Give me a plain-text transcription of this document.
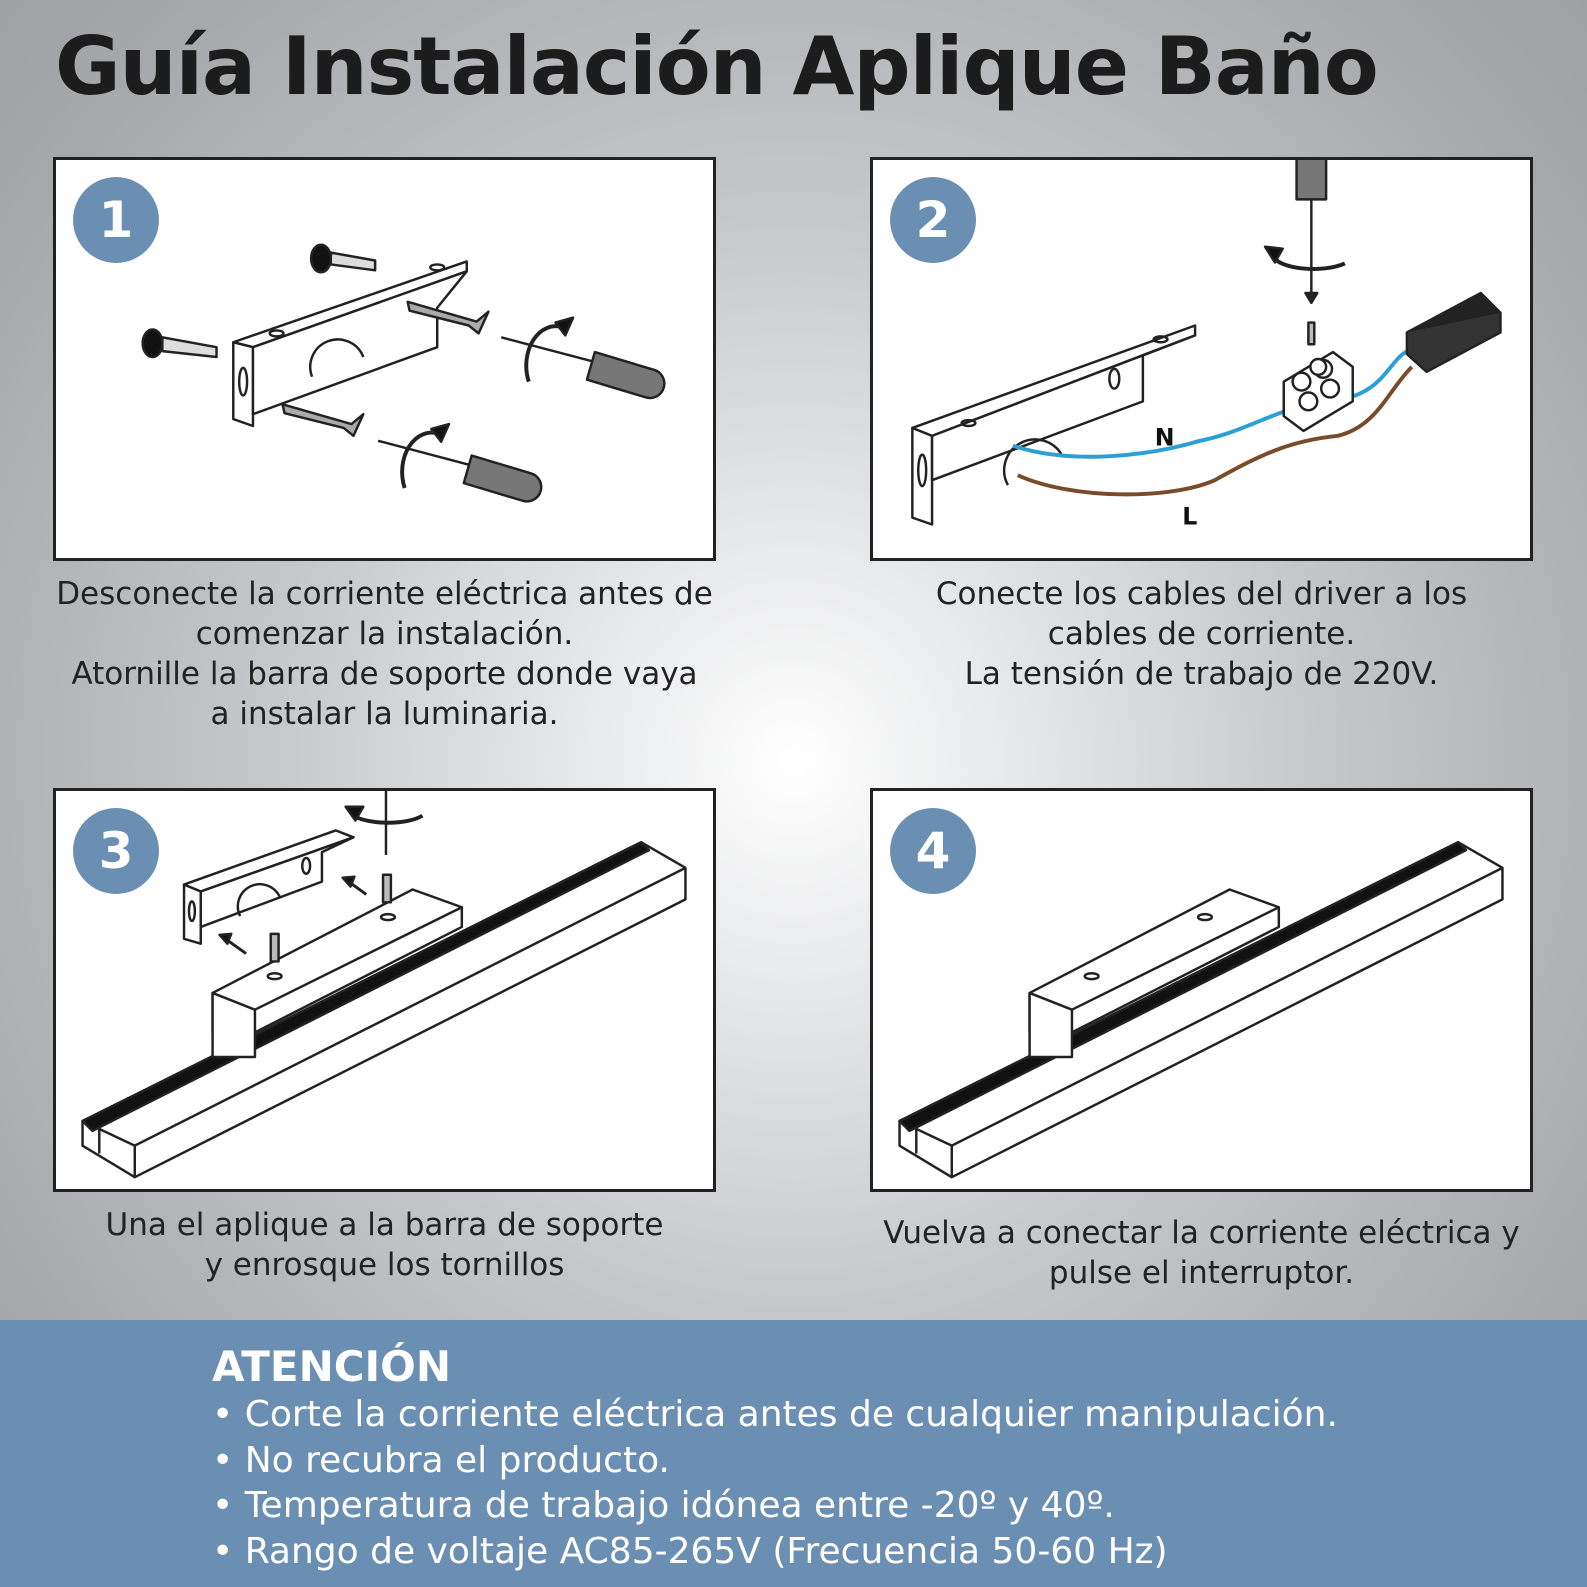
Guía Instalación Aplique Baño
1
Desconecte la corriente eléctrica antes de
comenzar la instalación.
Atornille la barra de soporte donde vaya
a instalar la luminaria.
N
L
2
Conecte los cables del driver a los
cables de corriente.
La tensión de trabajo de 220V.
3
Una el aplique a la barra de soporte
y enrosque los tornillos
4
Vuelva a conectar la corriente eléctrica y
pulse el interruptor.
ATENCIÓN
• Corte la corriente eléctrica antes de cualquier manipulación.
• No recubra el producto.
• Temperatura de trabajo idónea entre -20º y 40º.
• Rango de voltaje AC85-265V (Frecuencia 50-60 Hz)
